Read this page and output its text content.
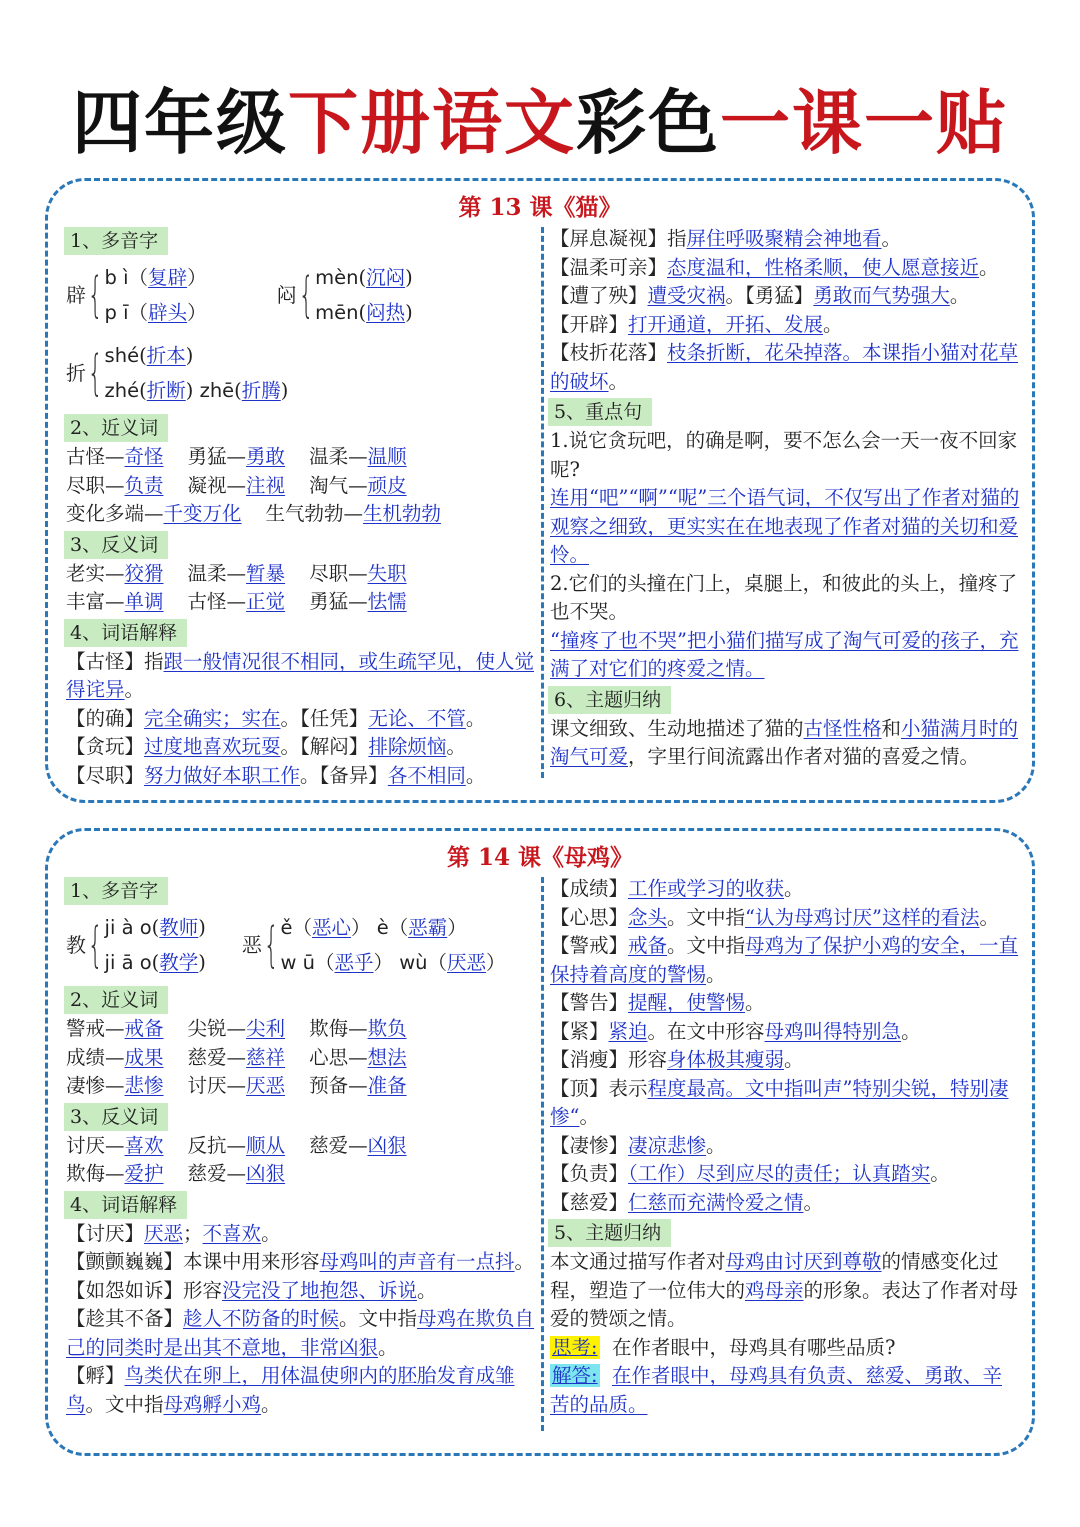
四年级下册语文彩色一课一贴
第 13 课《猫》
1、多音字
辟 { b ì（复辟）
p ī（辟头）
闷 { mèn(沉闷)
mēn(闷热)
折 { shé(折本)
zhé(折断) zhē(折腾)
2、近义词
古怪—奇怪 勇猛—勇敢 温柔—温顺
尽职—负责 凝视—注视 淘气—顽皮
变化多端—千变万化 生气勃勃—生机勃勃
3、反义词
老实—狡猾 温柔—暂暴 尽职—失职
丰富—单调 古怪—正觉 勇猛—怯懦
4、词语解释
【古怪】指跟一般情况很不相同，或生疏罕见，使人觉得诧异。
【的确】完全确实；实在。【任凭】无论、不管。
【贪玩】过度地喜欢玩耍。【解闷】排除烦恼。
【尽职】努力做好本职工作。【备异】各不相同。
【屏息凝视】指屏住呼吸聚精会神地看。
【温柔可亲】态度温和，性格柔顺，使人愿意接近。
【遭了殃】遭受灾祸。【勇猛】勇敢而气势强大。
【开辟】打开通道，开拓、发展。
【枝折花落】枝条折断，花朵掉落。本课指小猫对花草的破坏。
5、重点句
1.说它贪玩吧，的确是啊，要不怎么会一天一夜不回家呢?
连用“吧”“啊”“呢”三个语气词，不仅写出了作者对猫的观察之细致，更实实在在地表现了作者对猫的关切和爱怜。
2.它们的头撞在门上，桌腿上，和彼此的头上，撞疼了也不哭。
“撞疼了也不哭”把小猫们描写成了淘气可爱的孩子，充满了对它们的疼爱之情。
6、主题归纳
课文细致、生动地描述了猫的古怪性格和小猫满月时的淘气可爱，字里行间流露出作者对猫的喜爱之情。
第 14 课《母鸡》
1、多音字
教 { ji à o(教师)
ji ā o(教学)
恶 { ě（恶心） è（恶霸）
w ū（恶乎） wù（厌恶）
2、近义词
警戒—戒备 尖锐—尖利 欺侮—欺负
成绩—成果 慈爱—慈祥 心思—想法
凄惨—悲惨 讨厌—厌恶 预备—准备
3、反义词
讨厌—喜欢 反抗—顺从 慈爱—凶狠
欺侮—爱护 慈爱—凶狠
4、词语解释
【讨厌】厌恶；不喜欢。
【颤颤巍巍】本课中用来形容母鸡叫的声音有一点抖。
【如怨如诉】形容没完没了地抱怨、诉说。
【趁其不备】趁人不防备的时候。文中指母鸡在欺负自己的同类时是出其不意地，非常凶狠。
【孵】鸟类伏在卵上，用体温使卵内的胚胎发育成雏鸟。文中指母鸡孵小鸡。
【成绩】工作或学习的收获。
【心思】念头。文中指“认为母鸡讨厌”这样的看法。
【警戒】戒备。文中指母鸡为了保护小鸡的安全，一直保持着高度的警惕。
【警告】提醒，使警惕。
【紧】紧迫。在文中形容母鸡叫得特别急。
【消瘦】形容身体极其瘦弱。
【顶】表示程度最高。文中指叫声”特别尖锐，特别凄惨“。
【凄惨】凄凉悲惨。
【负责】（工作）尽到应尽的责任；认真踏实。
【慈爱】仁慈而充满怜爱之情。
5、主题归纳
本文通过描写作者对母鸡由讨厌到尊敬的情感变化过程，塑造了一位伟大的鸡母亲的形象。表达了作者对母爱的赞颂之情。
思考: 在作者眼中，母鸡具有哪些品质?
解答: 在作者眼中，母鸡具有负责、慈爱、勇敢、辛苦的品质。
